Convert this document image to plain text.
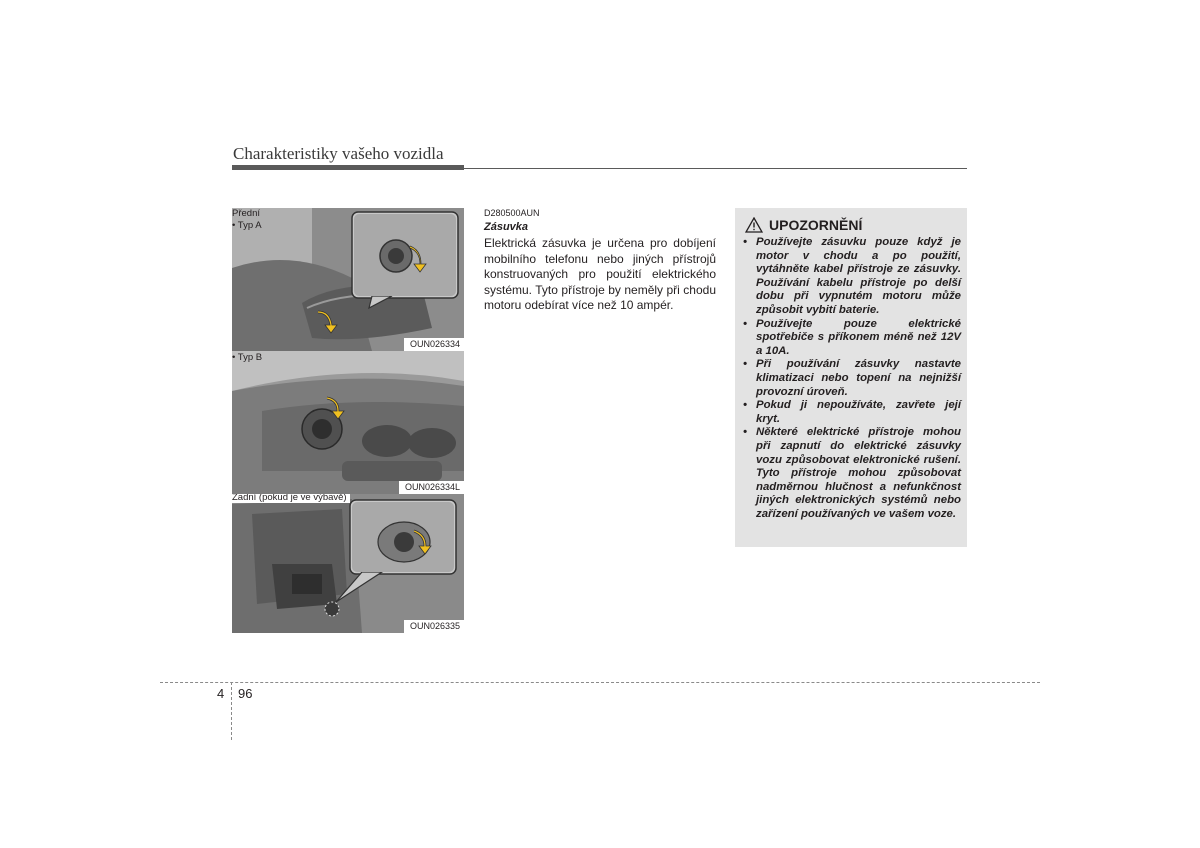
Charakteristiky vašeho vozidla
Přední
• Typ A
OUN026334
• Typ B
OUN026334L
Zadní (pokud je ve výbavě)
OUN026335
D280500AUN
Zásuvka
Elektrická zásuvka je určena pro dobíjení mobilního telefonu nebo jiných přístrojů konstruovaných pro použití elektrického systému. Tyto přístroje by neměly při chodu motoru odebírat více než 10 ampér.
UPOZORNĚNÍ
• Používejte zásuvku pouze když je motor v chodu a po použití, vytáhněte kabel přístroje ze zásuvky. Používání kabelu přístroje po delší dobu při vypnutém motoru může způsobit vybití baterie.
• Používejte pouze elektrické spotřebiče s příkonem méně než 12V a 10A.
• Při používání zásuvky nastavte klimatizaci nebo topení na nejnižší provozní úroveň.
• Pokud ji nepoužíváte, zavřete její kryt.
• Některé elektrické přístroje mohou při zapnutí do elektrické zásuvky vozu způsobovat elektronické rušení. Tyto přístroje mohou způsobovat nadměrnou hlučnost a nefunkčnost jiných elektronických systémů nebo zařízení používaných ve vašem voze.
4 96
